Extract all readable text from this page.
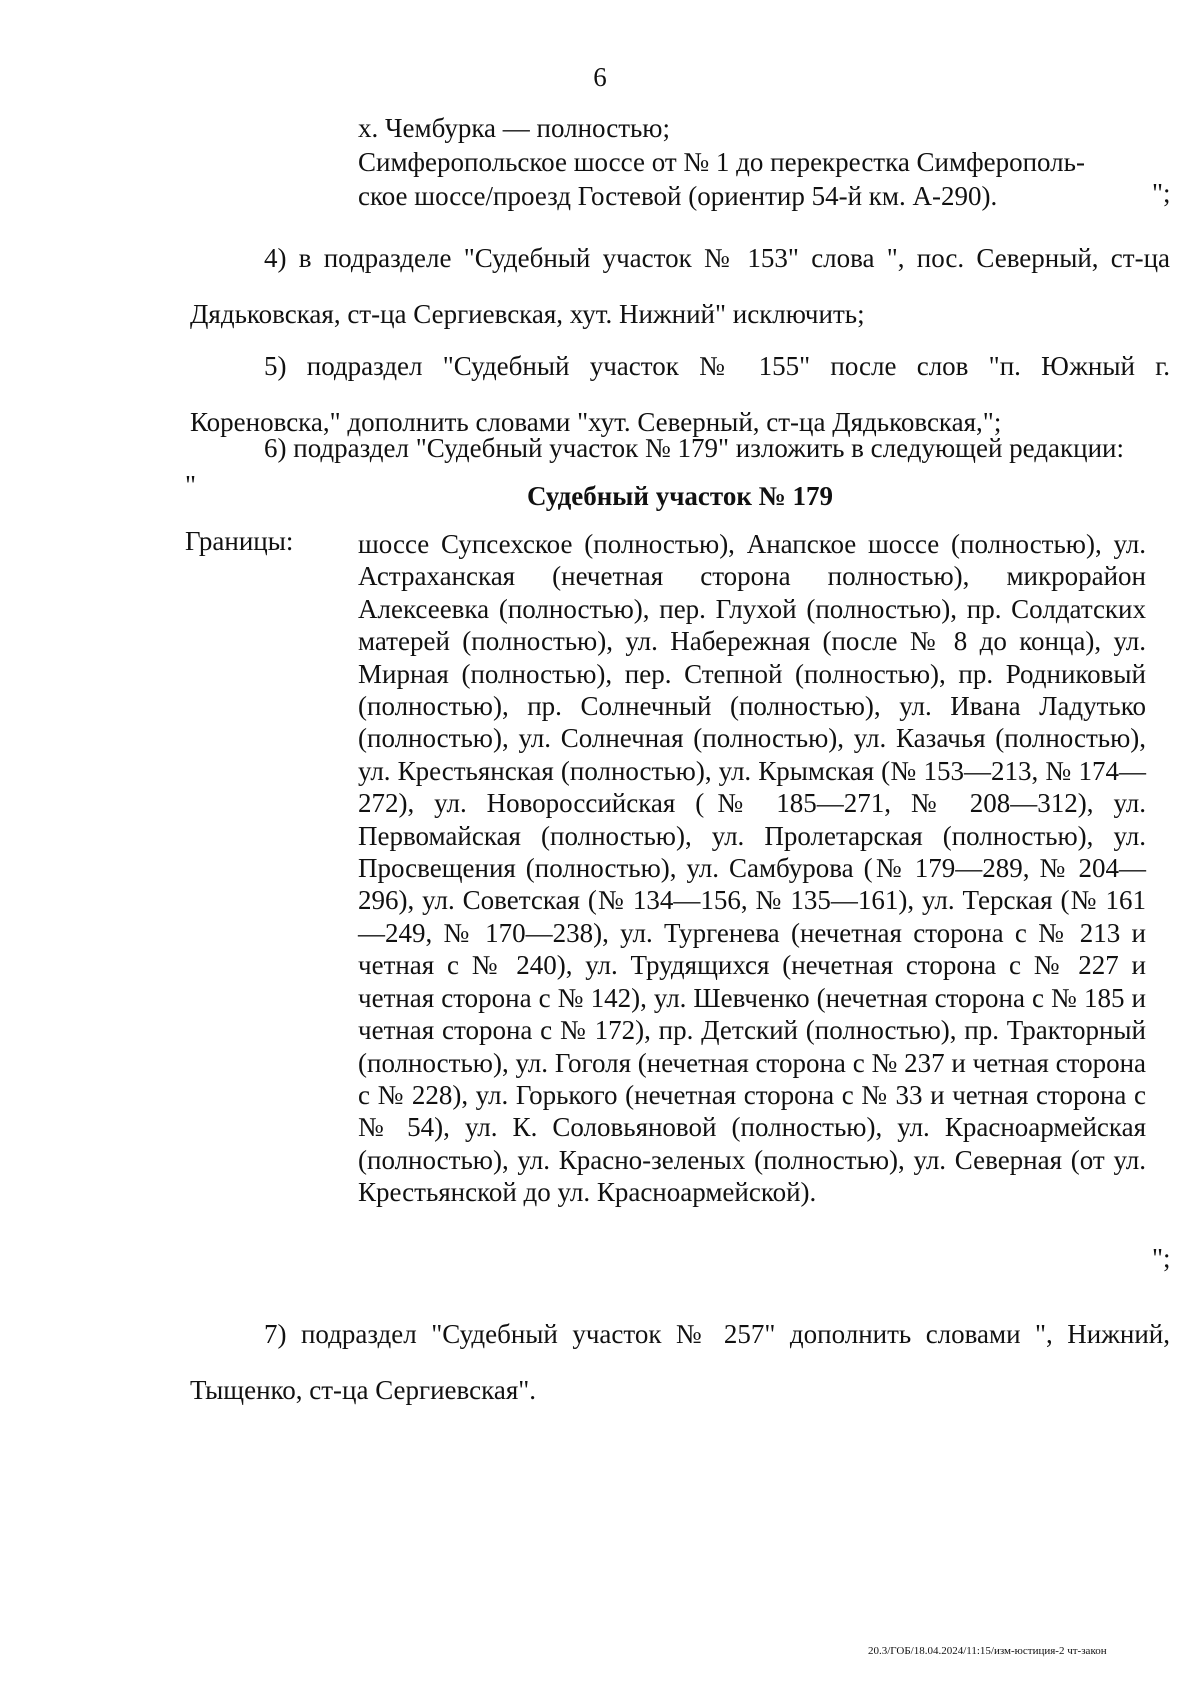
6
х. Чембурка — полностью;
Симферопольское шоссе от № 1 до перекрестка Симферополь-
ское шоссе/проезд Гостевой (ориентир 54-й км. А-290).	";
4) в подразделе "Судебный участок № 153" слова ", пос. Северный, ст-ца Дядьковская, ст-ца Сергиевская, хут. Нижний" исключить;
5) подраздел "Судебный участок № 155" после слов "п. Южный г. Кореновска," дополнить словами "хут. Северный, ст-ца Дядьковская,";
6) подраздел "Судебный участок № 179" изложить в следующей редакции:
"	Судебный участок № 179
Границы: шоссе Супсехское (полностью), Анапское шоссе (полностью), ул. Астраханская (нечетная сторона полностью), микрорайон Алексеевка (полностью), пер. Глухой (полностью), пр. Солдатских матерей (полностью), ул. Набережная (после № 8 до конца), ул. Мирная (полностью), пер. Степной (полностью), пр. Родниковый (полностью), пр. Солнечный (полностью), ул. Ивана Ладутько (полностью), ул. Солнечная (полностью), ул. Казачья (полностью), ул. Крестьянская (полностью), ул. Крымская (№ 153—213, № 174—272), ул. Новороссийская (№ 185—271, № 208—312), ул. Первомайская (полностью), ул. Пролетарская (полностью), ул. Просвещения (полностью), ул. Самбурова (№ 179—289, № 204—296), ул. Советская (№ 134—156, № 135—161), ул. Терская (№ 161—249, № 170—238), ул. Тургенева (нечетная сторона с № 213 и четная с № 240), ул. Трудящихся (нечетная сторона с № 227 и четная сторона с № 142), ул. Шевченко (нечетная сторона с № 185 и четная сторона с № 172), пр. Детский (полностью), пр. Тракторный (полностью), ул. Гоголя (нечетная сторона с № 237 и четная сторона с № 228), ул. Горького (нечетная сторона с № 33 и четная сторона с № 54), ул. К. Соловьяновой (полностью), ул. Красноармейская (полностью), ул. Красно-зеленых (полностью), ул. Северная (от ул. Крестьянской до ул. Красноармейской).
";
7) подраздел "Судебный участок № 257" дополнить словами ", Нижний, Тыщенко, ст-ца Сергиевская".
20.3/ГОБ/18.04.2024/11:15/изм-юстиция-2 чт-закон
